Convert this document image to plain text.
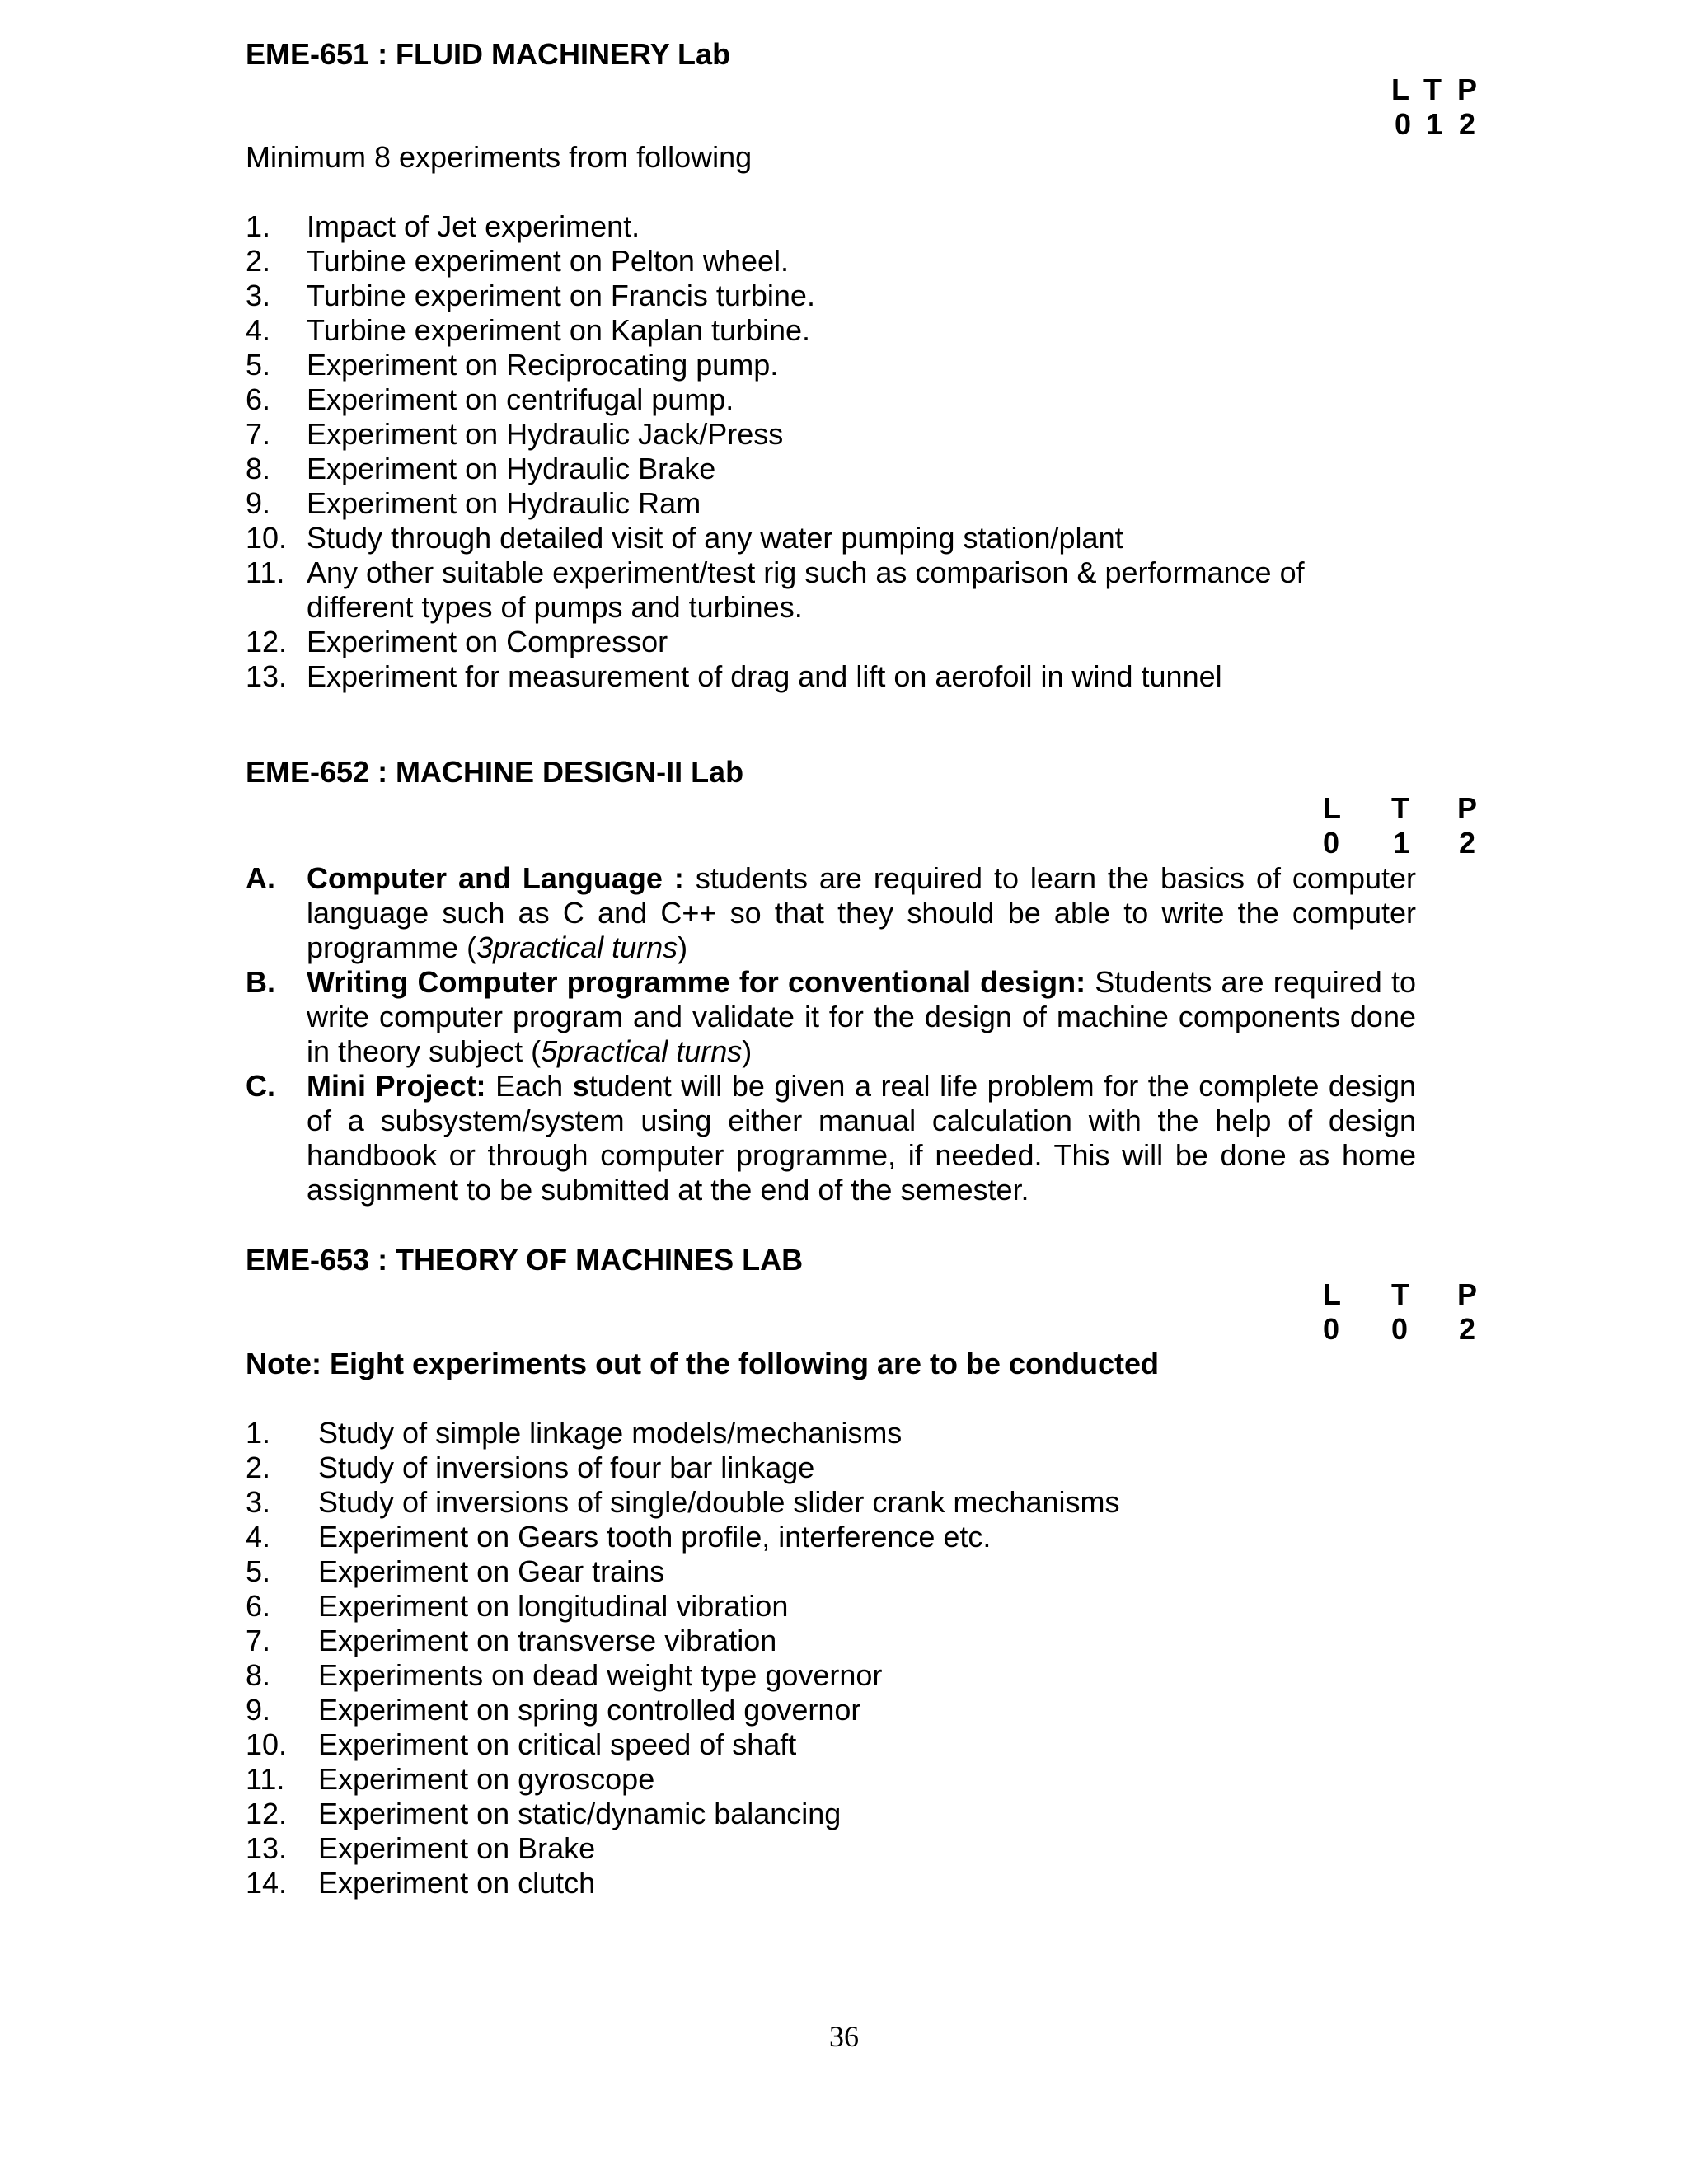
EME-651 : FLUID MACHINERY Lab
L T P
0 1 2
Minimum 8 experiments from following
1. Impact of Jet experiment.
2. Turbine experiment on Pelton wheel.
3. Turbine experiment on Francis turbine.
4. Turbine experiment on Kaplan turbine.
5. Experiment on Reciprocating pump.
6. Experiment on centrifugal pump.
7. Experiment on Hydraulic Jack/Press
8. Experiment on Hydraulic Brake
9. Experiment on Hydraulic Ram
10. Study through detailed visit of any water pumping station/plant
11. Any other suitable experiment/test rig such as comparison & performance of
different types of pumps and turbines.
12. Experiment on Compressor
13. Experiment for measurement of drag and lift on aerofoil in wind tunnel
EME-652 : MACHINE DESIGN-II Lab
L T P
0 1 2
A. Computer and Language : students are required to learn the basics of computer
language such as C and C++ so that they should be able to write the computer
programme (3practical turns)
B. Writing Computer programme for conventional design: Students are required to
write computer program and validate it for the design of machine components done
in theory subject (5practical turns)
C. Mini Project: Each student will be given a real life problem for the complete design
of a subsystem/system using either manual calculation with the help of design
handbook or through computer programme, if needed. This will be done as home
assignment to be submitted at the end of the semester.
EME-653 : THEORY OF MACHINES LAB
L T P
0 0 2
Note: Eight experiments out of the following are to be conducted
1. Study of simple linkage models/mechanisms
2. Study of inversions of four bar linkage
3. Study of inversions of single/double slider crank mechanisms
4. Experiment on Gears tooth profile, interference etc.
5. Experiment on Gear trains
6. Experiment on longitudinal vibration
7. Experiment on transverse vibration
8. Experiments on dead weight type governor
9. Experiment on spring controlled governor
10. Experiment on critical speed of shaft
11. Experiment on gyroscope
12. Experiment on static/dynamic balancing
13. Experiment on Brake
14. Experiment on clutch
36
